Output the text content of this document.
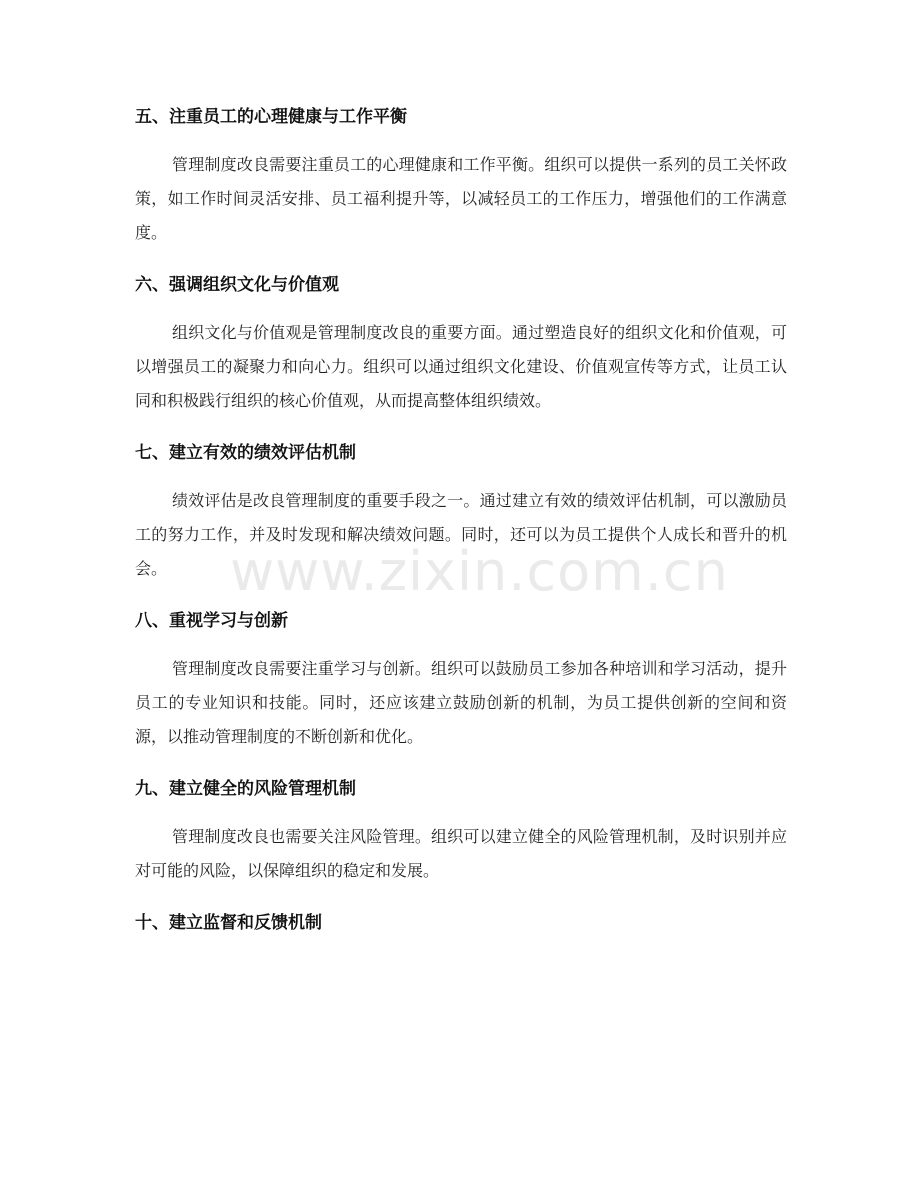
五、注重员工的心理健康与工作平衡

管理制度改良需要注重员工的心理健康和工作平衡。组织可以提供一系列的员工关怀政策，如工作时间灵活安排、员工福利提升等，以减轻员工的工作压力，增强他们的工作满意度。

六、强调组织文化与价值观

组织文化与价值观是管理制度改良的重要方面。通过塑造良好的组织文化和价值观，可以增强员工的凝聚力和向心力。组织可以通过组织文化建设、价值观宣传等方式，让员工认同和积极践行组织的核心价值观，从而提高整体组织绩效。

七、建立有效的绩效评估机制

绩效评估是改良管理制度的重要手段之一。通过建立有效的绩效评估机制，可以激励员工的努力工作，并及时发现和解决绩效问题。同时，还可以为员工提供个人成长和晋升的机会。

八、重视学习与创新

管理制度改良需要注重学习与创新。组织可以鼓励员工参加各种培训和学习活动，提升员工的专业知识和技能。同时，还应该建立鼓励创新的机制，为员工提供创新的空间和资源，以推动管理制度的不断创新和优化。

九、建立健全的风险管理机制

管理制度改良也需要关注风险管理。组织可以建立健全的风险管理机制，及时识别并应对可能的风险，以保障组织的稳定和发展。

十、建立监督和反馈机制
www.zixin.com.cn
